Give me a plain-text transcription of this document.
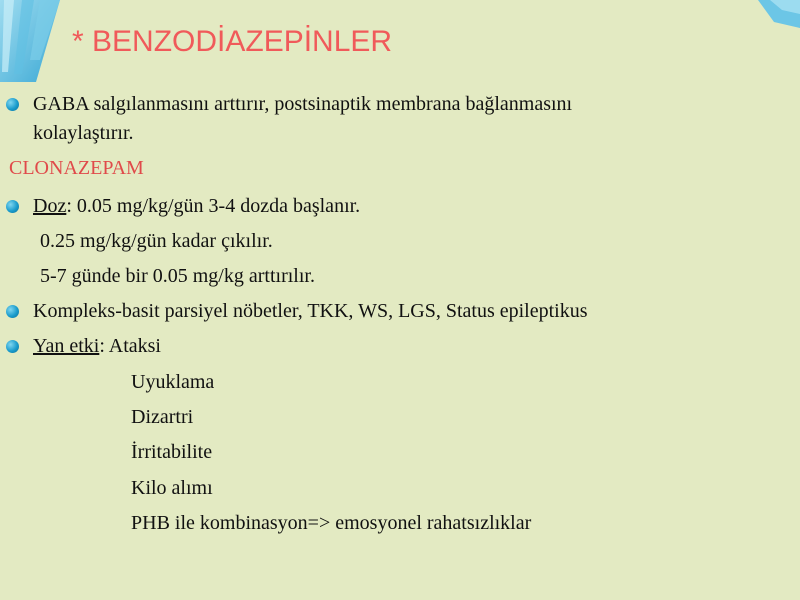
* BENZODİAZEPİNLER
GABA salgılanmasını arttırır, postsinaptik membrana bağlanmasını
kolaylaştırır.
CLONAZEPAM
Doz: 0.05 mg/kg/gün 3-4 dozda başlanır.
0.25 mg/kg/gün kadar çıkılır.
5-7 günde bir 0.05 mg/kg arttırılır.
Kompleks-basit parsiyel nöbetler, TKK, WS, LGS, Status epileptikus
Yan etki: Ataksi
Uyuklama
Dizartri
İrritabilite
Kilo alımı
PHB ile kombinasyon=> emosyonel rahatsızlıklar
